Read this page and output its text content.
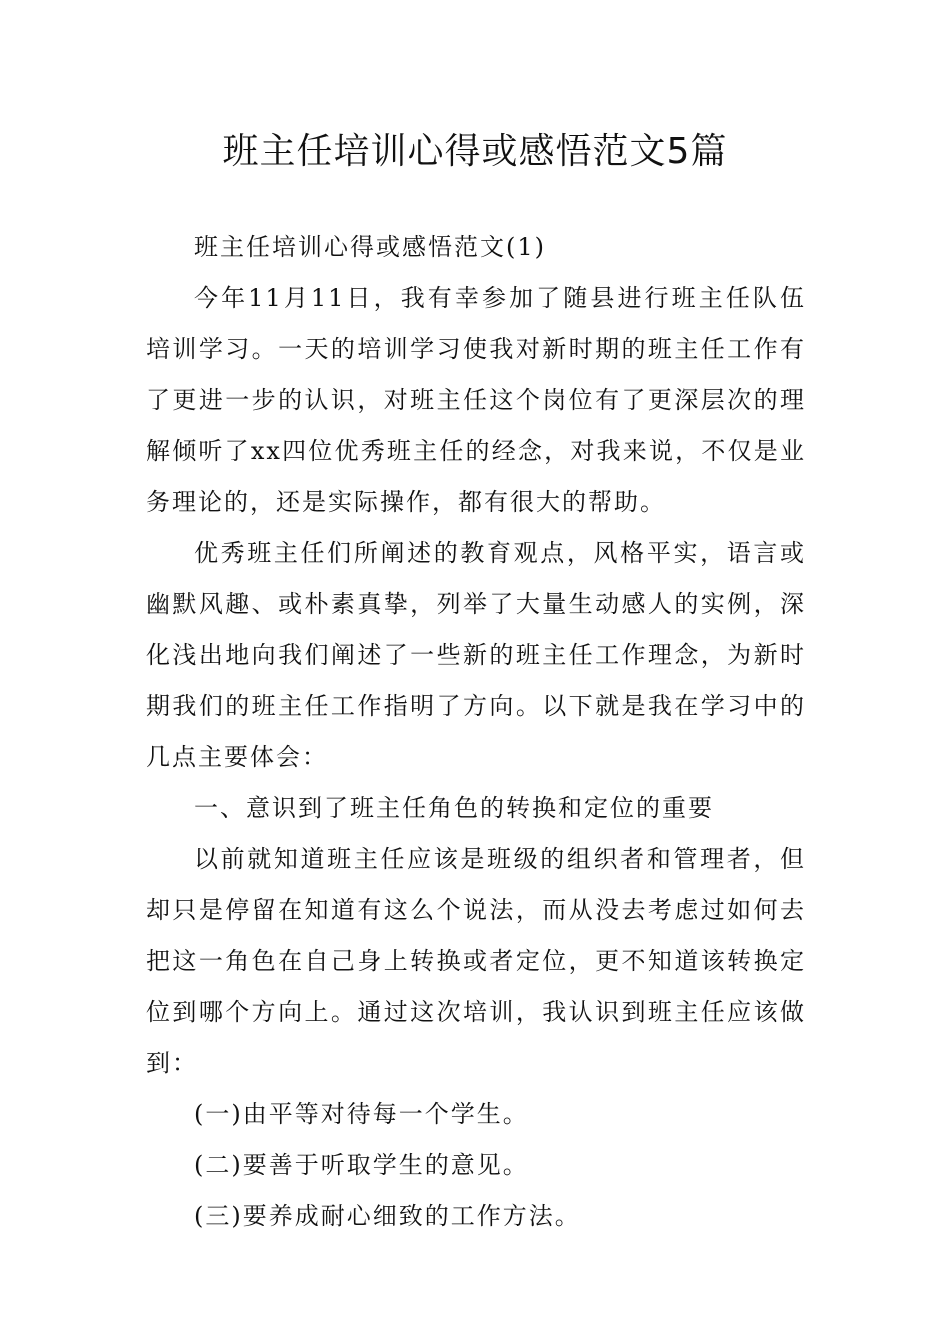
班主任培训心得或感悟范文5篇

班主任培训心得或感悟范文(1)

今年11月11日，我有幸参加了随县进行班主任队伍培训学习。一天的培训学习使我对新时期的班主任工作有了更进一步的认识，对班主任这个岗位有了更深层次的理解倾听了xx四位优秀班主任的经念，对我来说，不仅是业务理论的，还是实际操作，都有很大的帮助。

优秀班主任们所阐述的教育观点，风格平实，语言或幽默风趣、或朴素真挚，列举了大量生动感人的实例，深化浅出地向我们阐述了一些新的班主任工作理念，为新时期我们的班主任工作指明了方向。以下就是我在学习中的几点主要体会：

一、意识到了班主任角色的转换和定位的重要

以前就知道班主任应该是班级的组织者和管理者，但却只是停留在知道有这么个说法，而从没去考虑过如何去把这一角色在自己身上转换或者定位，更不知道该转换定位到哪个方向上。通过这次培训，我认识到班主任应该做到：

(一)由平等对待每一个学生。

(二)要善于听取学生的意见。

(三)要养成耐心细致的工作方法。
